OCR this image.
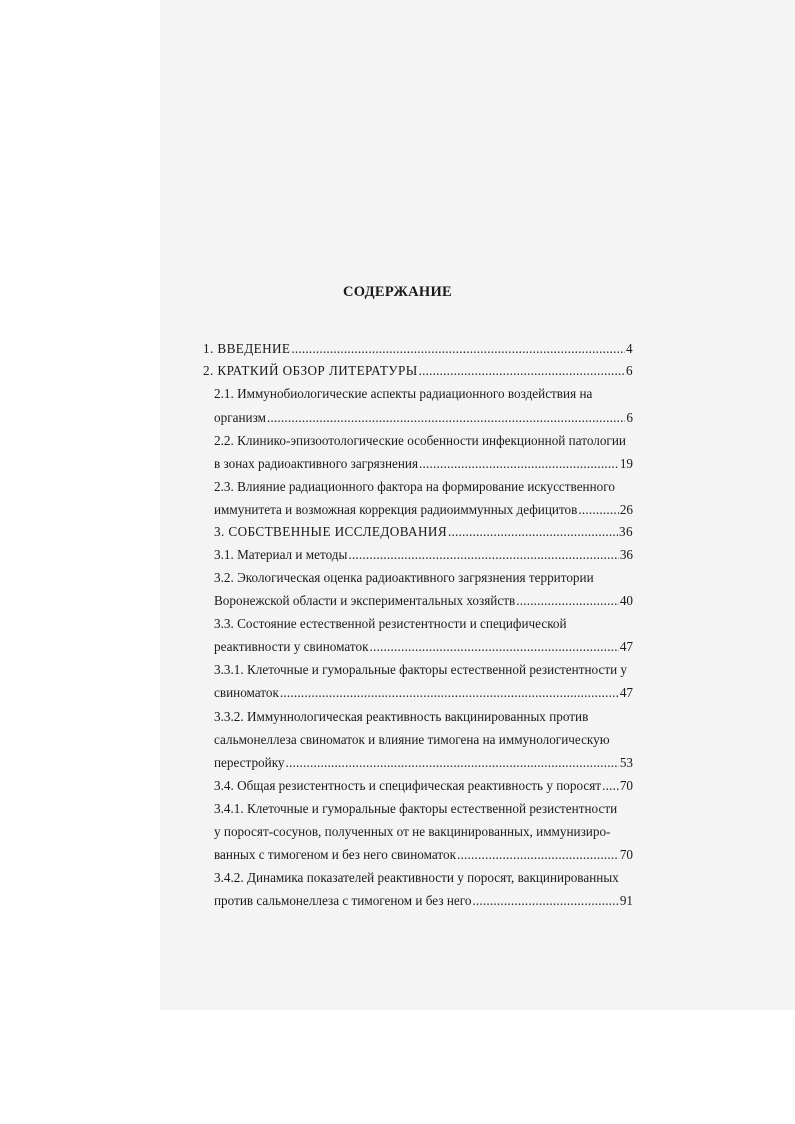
СОДЕРЖАНИЕ
1. ВВЕДЕНИЕ .....	4
2. КРАТКИЙ ОБЗОР ЛИТЕРАТУРЫ .....	6
2.1. Иммунобиологические аспекты радиационного воздействия на
организм .....	6
2.2. Клинико-эпизоотологические особенности инфекционной патологии
в зонах радиоактивного загрязнения .....	19
2.3. Влияние радиационного фактора на формирование искусственного
иммунитета и возможная коррекция радиоиммунных дефицитов .....	26
3. СОБСТВЕННЫЕ ИССЛЕДОВАНИЯ .....	36
3.1. Материал и методы .....	36
3.2. Экологическая оценка радиоактивного загрязнения территории
Воронежской области и экспериментальных хозяйств .....	40
3.3. Состояние естественной резистентности и специфической
реактивности у свиноматок .....	47
3.3.1. Клеточные и гуморальные факторы естественной резистентности у
свиноматок .....	47
3.3.2. Иммуннологическая реактивность вакцинированных против
сальмонеллеза свиноматок и влияние тимогена на иммунологическую
перестройку .....	53
3.4. Общая резистентность и специфическая реактивность у поросят ..... 70
3.4.1. Клеточные и гуморальные факторы естественной резистентности
у поросят-сосунов, полученных от не вакцинированных, иммунизиро-
ванных с тимогеном и без него свиноматок .....	70
3.4.2. Динамика показателей реактивности у поросят, вакцинированных
против сальмонеллеза с тимогеном и без него .....	91
